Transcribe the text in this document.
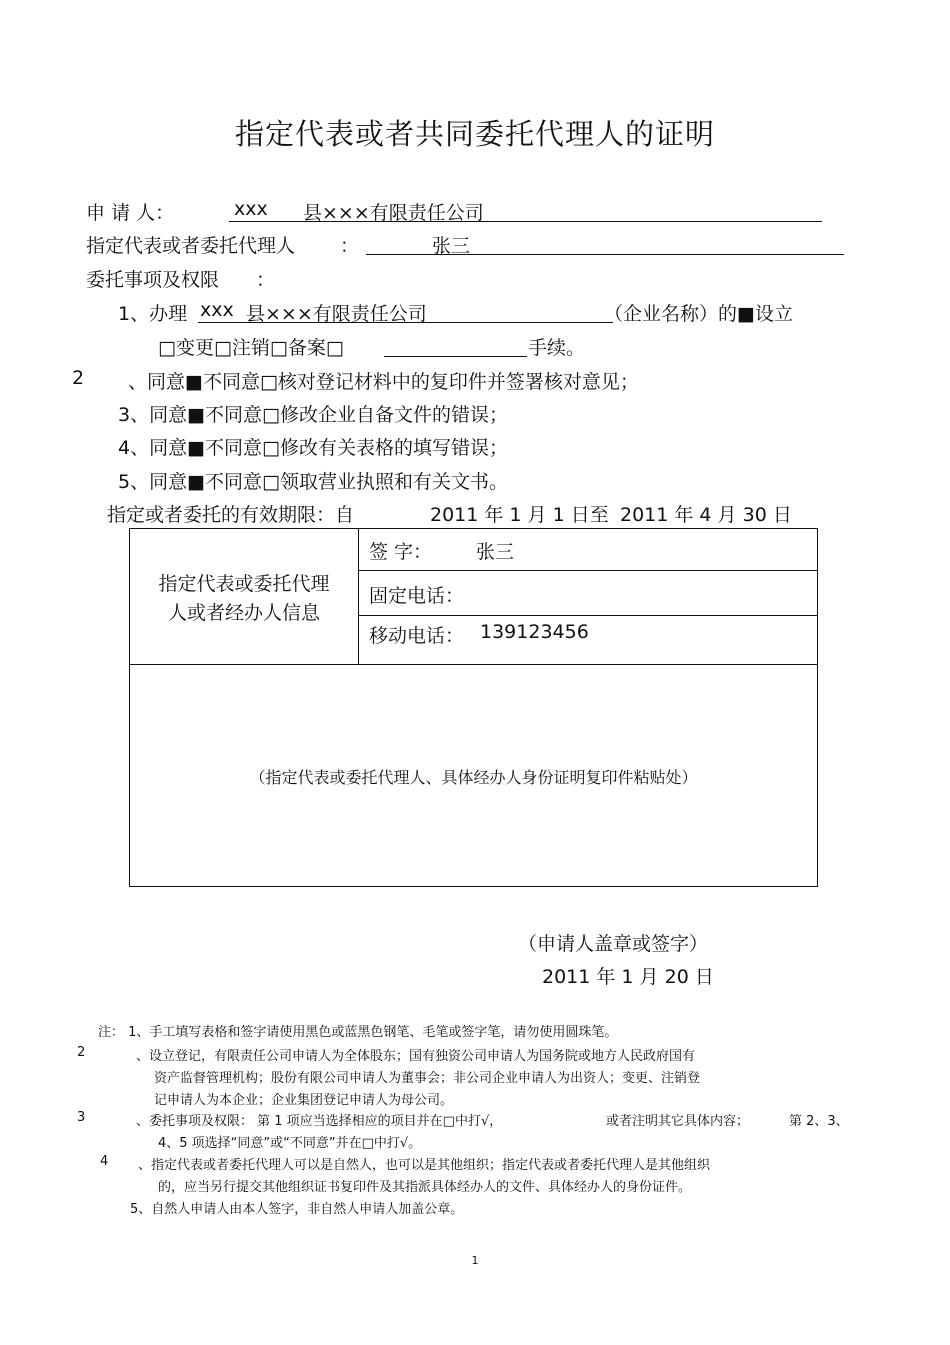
指定代表或者共同委托代理人的证明
申 请 人：	xxx 县×××有限责任公司
指定代表或者委托代理人 ：	张三
委托事项及权限 ：
1、办理 xxx 县×××有限责任公司	（企业名称）的■设立
□变更□注销□备案□	手续。
2 、同意■不同意□核对登记材料中的复印件并签署核对意见；
3、同意■不同意□修改企业自备文件的错误；
4、同意■不同意□修改有关表格的填写错误；
5、同意■不同意□领取营业执照和有关文书。
指定或者委托的有效期限：自	2011 年 1 月 1 日至 2011 年 4 月 30 日
指定代表或委托代理
人或者经办人信息
签 字： 张三
固定电话：
移动电话： 139123456
（指定代表或委托代理人、具体经办人身份证明复印件粘贴处）
（申请人盖章或签字）
2011 年 1 月 20 日
注： 1、手工填写表格和签字请使用黑色或蓝黑色钢笔、毛笔或签字笔，请勿使用圆珠笔。
2	、设立登记，有限责任公司申请人为全体股东；国有独资公司申请人为国务院或地方人民政府国有
资产监督管理机构；股份有限公司申请人为董事会；非公司企业申请人为出资人；变更、注销登
记申请人为本企业；企业集团登记申请人为母公司。
3	、委托事项及权限： 第 1 项应当选择相应的项目并在□中打√，	或者注明其它具体内容；	第 2、3、
4、5 项选择“同意”或“不同意”并在□中打√。
4 、指定代表或者委托代理人可以是自然人，也可以是其他组织；指定代表或者委托代理人是其他组织
的，应当另行提交其他组织证书复印件及其指派具体经办人的文件、具体经办人的身份证件。
5、自然人申请人由本人签字，非自然人申请人加盖公章。
1
